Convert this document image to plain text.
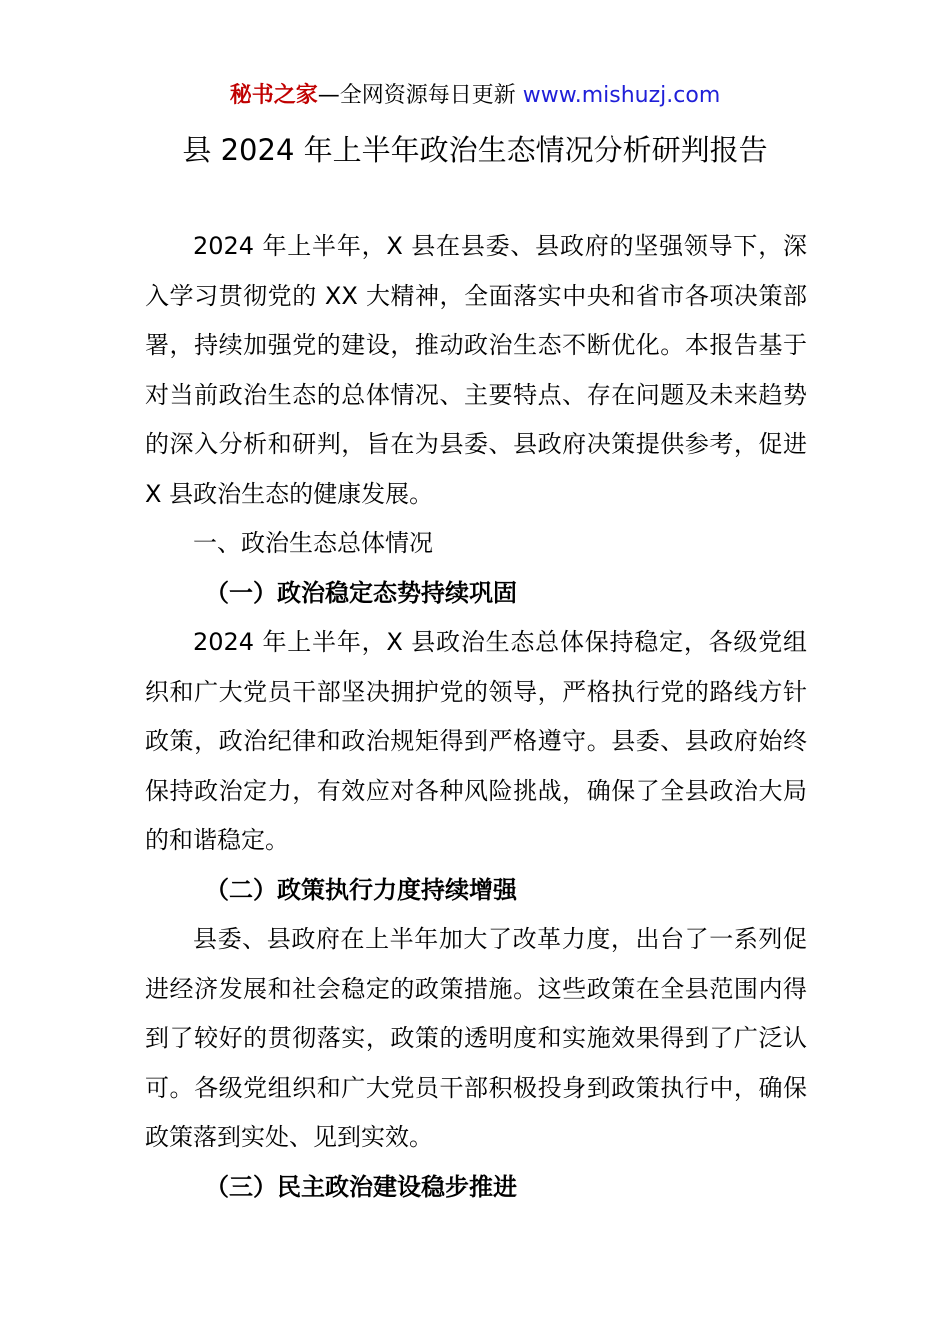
秘书之家—全网资源每日更新 www.mishuzj.com
县 2024 年上半年政治生态情况分析研判报告

2024 年上半年，X 县在县委、县政府的坚强领导下，深入学习贯彻党的 XX 大精神，全面落实中央和省市各项决策部署，持续加强党的建设，推动政治生态不断优化。本报告基于对当前政治生态的总体情况、主要特点、存在问题及未来趋势的深入分析和研判，旨在为县委、县政府决策提供参考，促进 X 县政治生态的健康发展。

一、政治生态总体情况

（一）政治稳定态势持续巩固

2024 年上半年，X 县政治生态总体保持稳定，各级党组织和广大党员干部坚决拥护党的领导，严格执行党的路线方针政策，政治纪律和政治规矩得到严格遵守。县委、县政府始终保持政治定力，有效应对各种风险挑战，确保了全县政治大局的和谐稳定。

（二）政策执行力度持续增强

县委、县政府在上半年加大了改革力度，出台了一系列促进经济发展和社会稳定的政策措施。这些政策在全县范围内得到了较好的贯彻落实，政策的透明度和实施效果得到了广泛认可。各级党组织和广大党员干部积极投身到政策执行中，确保政策落到实处、见到实效。

（三）民主政治建设稳步推进
